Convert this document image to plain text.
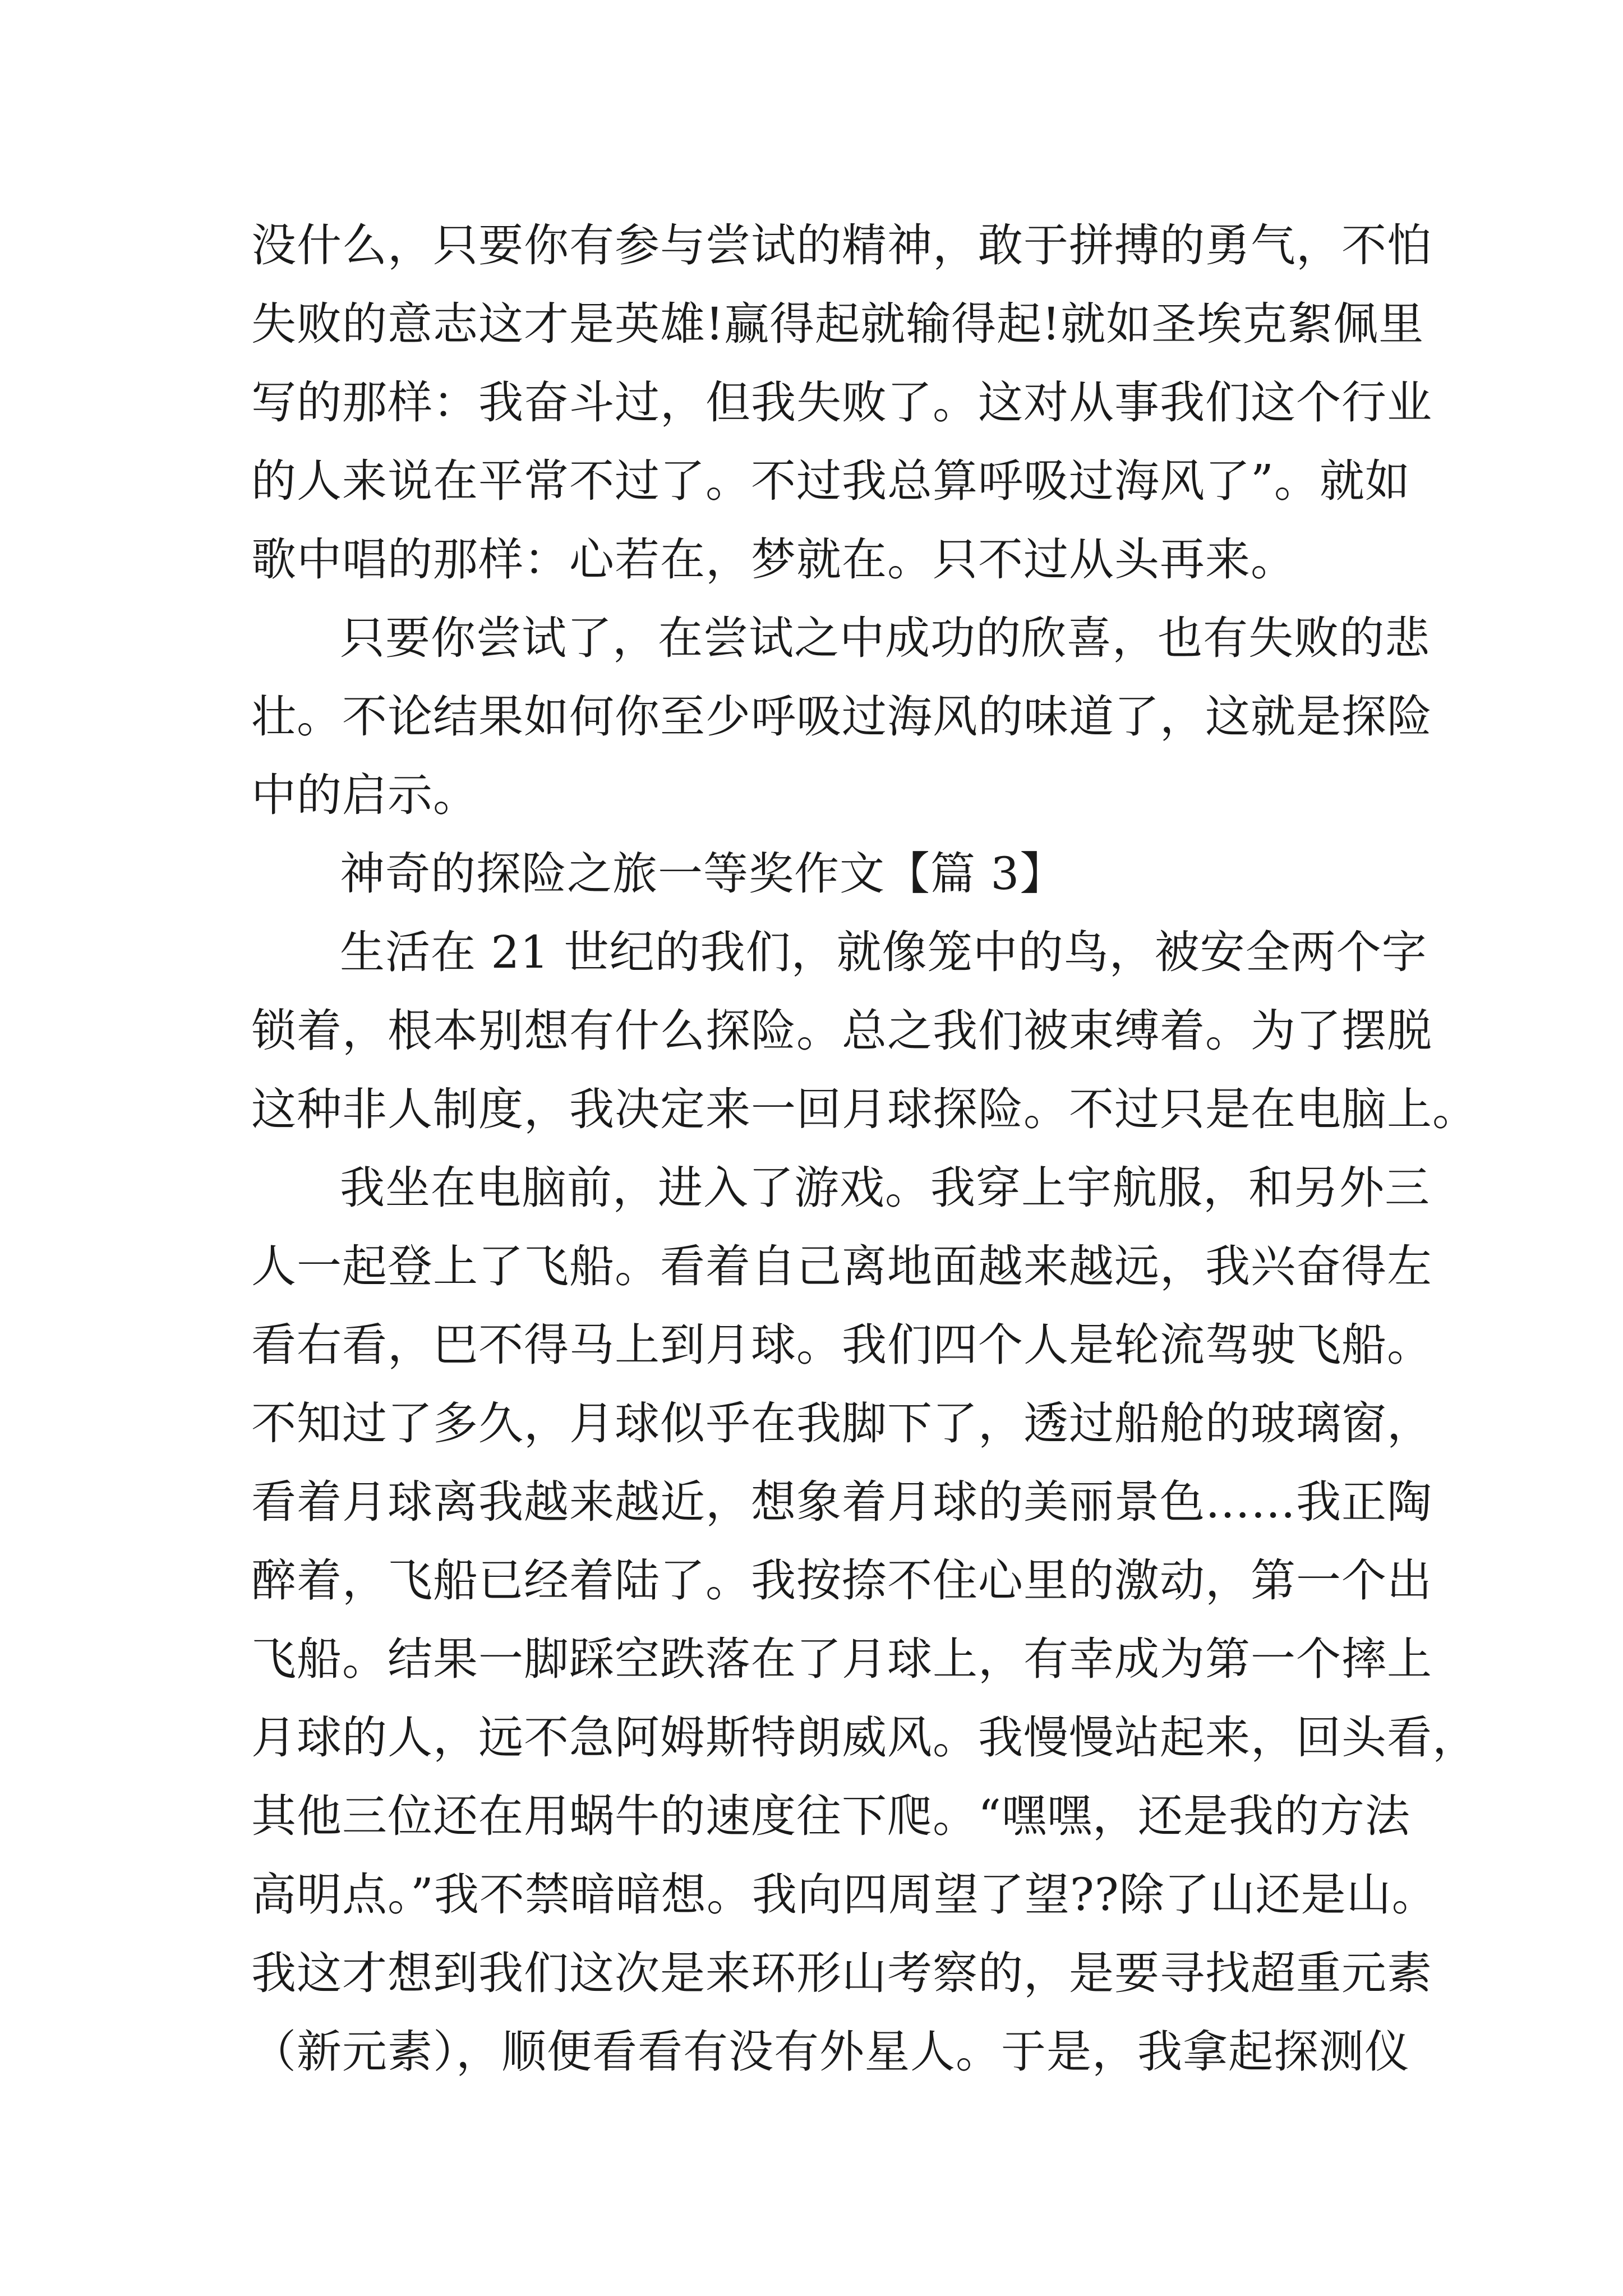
没什么，只要你有参与尝试的精神，敢于拼搏的勇气，不怕
失败的意志这才是英雄!赢得起就输得起!就如圣埃克絮佩里
写的那样：我奋斗过，但我失败了。这对从事我们这个行业
的人来说在平常不过了。不过我总算呼吸过海风了”。就如
歌中唱的那样：心若在，梦就在。只不过从头再来。
只要你尝试了，在尝试之中成功的欣喜，也有失败的悲
壮。不论结果如何你至少呼吸过海风的味道了，这就是探险
中的启示。
神奇的探险之旅一等奖作文【篇 3】
生活在 21 世纪的我们，就像笼中的鸟，被安全两个字
锁着，根本别想有什么探险。总之我们被束缚着。为了摆脱
这种非人制度，我决定来一回月球探险。不过只是在电脑上。
我坐在电脑前，进入了游戏。我穿上宇航服，和另外三
人一起登上了飞船。看着自己离地面越来越远，我兴奋得左
看右看，巴不得马上到月球。我们四个人是轮流驾驶飞船。
不知过了多久，月球似乎在我脚下了，透过船舱的玻璃窗，
看着月球离我越来越近，想象着月球的美丽景色……我正陶
醉着，飞船已经着陆了。我按捺不住心里的激动，第一个出
飞船。结果一脚踩空跌落在了月球上，有幸成为第一个摔上
月球的人，远不急阿姆斯特朗威风。我慢慢站起来，回头看，
其他三位还在用蜗牛的速度往下爬。“嘿嘿，还是我的方法
高明点。”我不禁暗暗想。我向四周望了望??除了山还是山。
我这才想到我们这次是来环形山考察的，是要寻找超重元素
（新元素），顺便看看有没有外星人。于是，我拿起探测仪
